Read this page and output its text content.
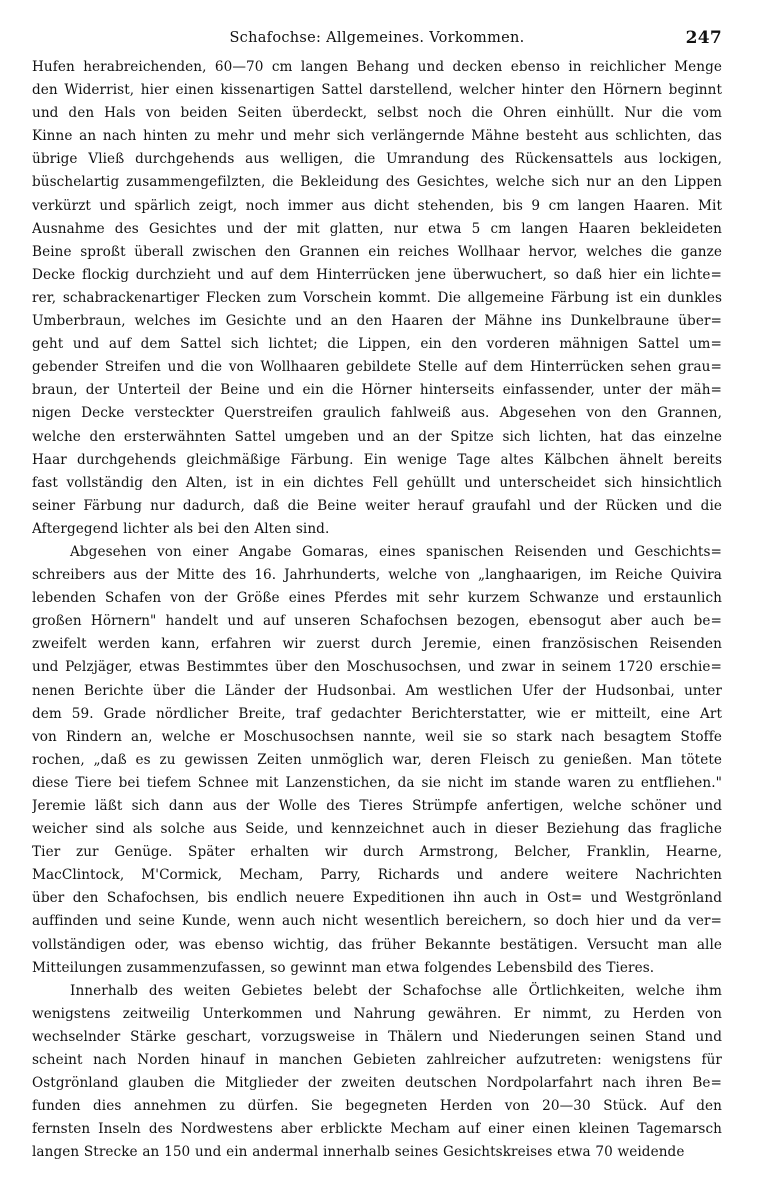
Schafochse: Allgemeines. Vorkommen.	247
Hufen herabreichenden, 60—70 cm langen Behang und decken ebenso in reichlicher Menge
den Widerrist, hier einen kissenartigen Sattel darstellend, welcher hinter den Hörnern beginnt
und den Hals von beiden Seiten überdeckt, selbst noch die Ohren einhüllt. Nur die vom
Kinne an nach hinten zu mehr und mehr sich verlängernde Mähne besteht aus schlichten, das
übrige Vließ durchgehends aus welligen, die Umrandung des Rückensattels aus lockigen,
büschelartig zusammengefilzten, die Bekleidung des Gesichtes, welche sich nur an den Lippen
verkürzt und spärlich zeigt, noch immer aus dicht stehenden, bis 9 cm langen Haaren. Mit
Ausnahme des Gesichtes und der mit glatten, nur etwa 5 cm langen Haaren bekleideten
Beine sproßt überall zwischen den Grannen ein reiches Wollhaar hervor, welches die ganze
Decke flockig durchzieht und auf dem Hinterrücken jene überwuchert, so daß hier ein lichte=
rer, schabrackenartiger Flecken zum Vorschein kommt. Die allgemeine Färbung ist ein dunkles
Umberbraun, welches im Gesichte und an den Haaren der Mähne ins Dunkelbraune über=
geht und auf dem Sattel sich lichtet; die Lippen, ein den vorderen mähnigen Sattel um=
gebender Streifen und die von Wollhaaren gebildete Stelle auf dem Hinterrücken sehen grau=
braun, der Unterteil der Beine und ein die Hörner hinterseits einfassender, unter der mäh=
nigen Decke versteckter Querstreifen graulich fahlweiß aus. Abgesehen von den Grannen,
welche den ersterwähnten Sattel umgeben und an der Spitze sich lichten, hat das einzelne
Haar durchgehends gleichmäßige Färbung. Ein wenige Tage altes Kälbchen ähnelt bereits
fast vollständig den Alten, ist in ein dichtes Fell gehüllt und unterscheidet sich hinsichtlich
seiner Färbung nur dadurch, daß die Beine weiter herauf graufahl und der Rücken und die
Aftergegend lichter als bei den Alten sind.
Abgesehen von einer Angabe Gomaras, eines spanischen Reisenden und Geschichts=
schreibers aus der Mitte des 16. Jahrhunderts, welche von „langhaarigen, im Reiche Quivira
lebenden Schafen von der Größe eines Pferdes mit sehr kurzem Schwanze und erstaunlich
großen Hörnern" handelt und auf unseren Schafochsen bezogen, ebensogut aber auch be=
zweifelt werden kann, erfahren wir zuerst durch Jeremie, einen französischen Reisenden
und Pelzjäger, etwas Bestimmtes über den Moschusochsen, und zwar in seinem 1720 erschie=
nenen Berichte über die Länder der Hudsonbai. Am westlichen Ufer der Hudsonbai, unter
dem 59. Grade nördlicher Breite, traf gedachter Berichterstatter, wie er mitteilt, eine Art
von Rindern an, welche er Moschusochsen nannte, weil sie so stark nach besagtem Stoffe
rochen, „daß es zu gewissen Zeiten unmöglich war, deren Fleisch zu genießen. Man tötete
diese Tiere bei tiefem Schnee mit Lanzenstichen, da sie nicht im stande waren zu entfliehen."
Jeremie läßt sich dann aus der Wolle des Tieres Strümpfe anfertigen, welche schöner und
weicher sind als solche aus Seide, und kennzeichnet auch in dieser Beziehung das fragliche
Tier zur Genüge. Später erhalten wir durch Armstrong, Belcher, Franklin, Hearne,
MacClintock, M'Cormick, Mecham, Parry, Richards und andere weitere Nachrichten
über den Schafochsen, bis endlich neuere Expeditionen ihn auch in Ost= und Westgrönland
auffinden und seine Kunde, wenn auch nicht wesentlich bereichern, so doch hier und da ver=
vollständigen oder, was ebenso wichtig, das früher Bekannte bestätigen. Versucht man alle
Mitteilungen zusammenzufassen, so gewinnt man etwa folgendes Lebensbild des Tieres.
Innerhalb des weiten Gebietes belebt der Schafochse alle Örtlichkeiten, welche ihm
wenigstens zeitweilig Unterkommen und Nahrung gewähren. Er nimmt, zu Herden von
wechselnder Stärke geschart, vorzugsweise in Thälern und Niederungen seinen Stand und
scheint nach Norden hinauf in manchen Gebieten zahlreicher aufzutreten: wenigstens für
Ostgrönland glauben die Mitglieder der zweiten deutschen Nordpolarfahrt nach ihren Be=
funden dies annehmen zu dürfen. Sie begegneten Herden von 20—30 Stück. Auf den
fernsten Inseln des Nordwestens aber erblickte Mecham auf einer einen kleinen Tagemarsch
langen Strecke an 150 und ein andermal innerhalb seines Gesichtskreises etwa 70 weidende
